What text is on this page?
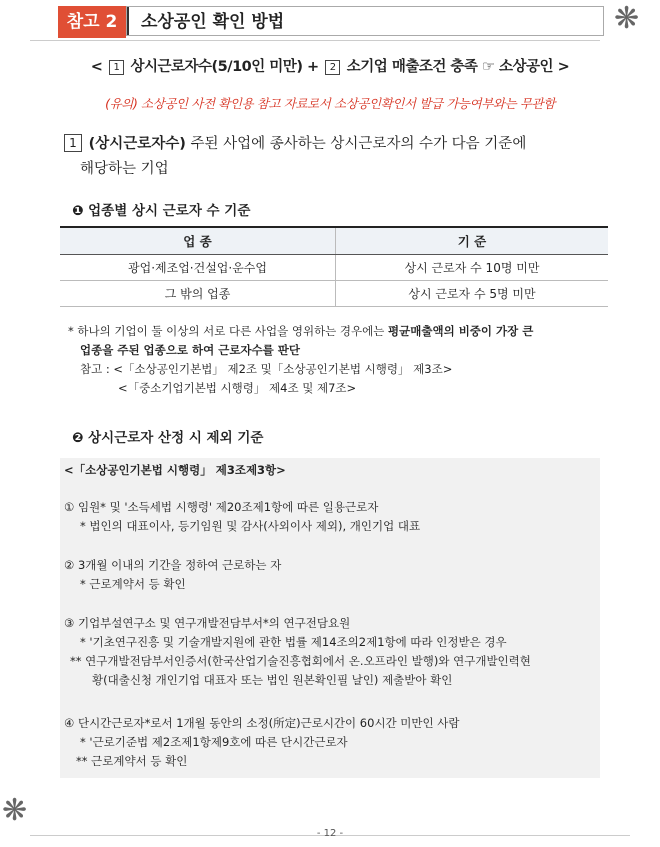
❋
❋
참고 2	소상공인 확인 방법
< 1 상시근로자수(5/10인 미만) + 2 소기업 매출조건 충족 ☞ 소상공인 >
(유의) 소상공인 사전 확인용 참고 자료로서 소상공인확인서 발급 가능여부와는 무관함
1 (상시근로자수) 주된 사업에 종사하는 상시근로자의 수가 다음 기준에
해당하는 기업
❶ 업종별 상시 근로자 수 기준
업 종	기 준
광업·제조업·건설업·운수업	상시 근로자 수 10명 미만
그 밖의 업종	상시 근로자 수 5명 미만
* 하나의 기업이 둘 이상의 서로 다른 사업을 영위하는 경우에는 평균매출액의 비중이 가장 큰
업종을 주된 업종으로 하여 근로자수를 판단
참고 : <「소상공인기본법」 제2조 및「소상공인기본법 시행령」 제3조>
<「중소기업기본법 시행령」 제4조 및 제7조>
❷ 상시근로자 산정 시 제외 기준
<「소상공인기본법 시행령」 제3조제3항>
① 임원* 및 '소득세법 시행령' 제20조제1항에 따른 일용근로자
* 법인의 대표이사, 등기임원 및 감사(사외이사 제외), 개인기업 대표
② 3개월 이내의 기간을 정하여 근로하는 자
* 근로계약서 등 확인
③ 기업부설연구소 및 연구개발전담부서*의 연구전담요원
* '기초연구진흥 및 기술개발지원에 관한 법률 제14조의2제1항에 따라 인정받은 경우
** 연구개발전담부서인증서(한국산업기술진흥협회에서 온.오프라인 발행)와 연구개발인력현
황(대출신청 개인기업 대표자 또는 법인 원본확인필 날인) 제출받아 확인
④ 단시간근로자*로서 1개월 동안의 소정(所定)근로시간이 60시간 미만인 사람
* '근로기준법 제2조제1항제9호에 따른 단시간근로자
** 근로계약서 등 확인
- 12 -
